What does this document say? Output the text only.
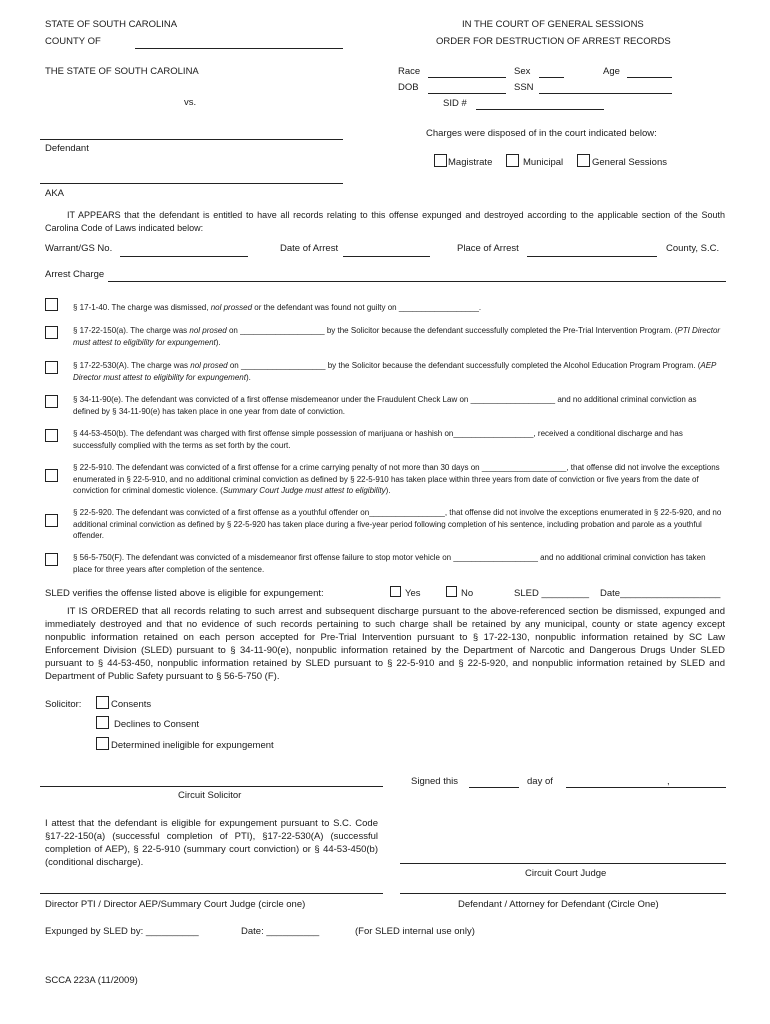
STATE OF SOUTH CAROLINA
COUNTY OF
IN THE COURT OF GENERAL SESSIONS
ORDER FOR DESTRUCTION OF ARREST RECORDS
THE STATE OF SOUTH CAROLINA
vs.
Race	Sex	Age
DOB	SSN
SID #
Defendant
AKA
Charges were disposed of in the court indicated below:
Magistrate	Municipal	General Sessions
IT APPEARS that the defendant is entitled to have all records relating to this offense expunged and destroyed according to the applicable section of the South Carolina Code of Laws indicated below:
Warrant/GS No.	Date of Arrest	Place of Arrest	County, S.C.
Arrest Charge
§ 17-1-40. The charge was dismissed, nol prossed or the defendant was found not guilty on __________________.
§ 17-22-150(a). The charge was nol prosed on ___________________ by the Solicitor because the defendant successfully completed the Pre-Trial Intervention Program. (PTI Director must attest to eligibility for expungement).
§ 17-22-530(A). The charge was nol prosed on ___________________ by the Solicitor because the defendant successfully completed the Alcohol Education Program Program. (AEP Director must attest to eligibility for expungement).
§ 34-11-90(e). The defendant was convicted of a first offense misdemeanor under the Fraudulent Check Law on ___________________ and no additional criminal conviction as defined by § 34-11-90(e) has taken place in one year from date of conviction.
§ 44-53-450(b). The defendant was charged with first offense simple possession of marijuana or hashish on__________________, received a conditional discharge and has successfully complied with the terms as set forth by the court.
§ 22-5-910. The defendant was convicted of a first offense for a crime carrying penalty of not more than 30 days on ___________________, that offense did not involve the exceptions enumerated in § 22-5-910, and no additional criminal conviction as defined by § 22-5-910 has taken place within three years from date of conviction or five years from the date of conviction for criminal domestic violence. (Summary Court Judge must attest to eligibility).
§ 22-5-920. The defendant was convicted of a first offense as a youthful offender on_________________, that offense did not involve the exceptions enumerated in § 22-5-920, and no additional criminal conviction as defined by § 22-5-920 has taken place during a five-year period following completion of his sentence, including probation and parole as a youthful offender.
§ 56-5-750(F). The defendant was convicted of a misdemeanor first offense failure to stop motor vehicle on ___________________ and no additional criminal conviction has taken place for three years after completion of the sentence.
SLED verifies the offense listed above is eligible for expungement:	Yes	No	SLED _________ Date___________________
IT IS ORDERED that all records relating to such arrest and subsequent discharge pursuant to the above-referenced section be dismissed, expunged and immediately destroyed and that no evidence of such records pertaining to such charge shall be retained by any municipal, county or state agency except nonpublic information retained on each person accepted for Pre-Trial Intervention pursuant to § 17-22-130, nonpublic information retained by SC Law Enforcement Division (SLED) pursuant to § 34-11-90(e), nonpublic information retained by the Department of Narcotic and Dangerous Drugs Under SLED pursuant to § 44-53-450, nonpublic information retained by SLED pursuant to § 22-5-910 and § 22-5-920, and nonpublic information retained by SLED and Department of Public Safety pursuant to § 56-5-750 (F).
Solicitor:	Consents
Declines to Consent
Determined ineligible for expungement
Circuit Solicitor
Signed this	day of	,
I attest that the defendant is eligible for expungement pursuant to S.C. Code §17-22-150(a) (successful completion of PTI), §17-22-530(A) (successful completion of AEP), § 22-5-910 (summary court conviction) or § 44-53-450(b) (conditional discharge).
Circuit Court Judge
Director PTI / Director AEP/Summary Court Judge (circle one)	Defendant / Attorney for Defendant (Circle One)
Expunged by SLED by: __________	Date: __________	(For SLED internal use only)
SCCA 223A (11/2009)
